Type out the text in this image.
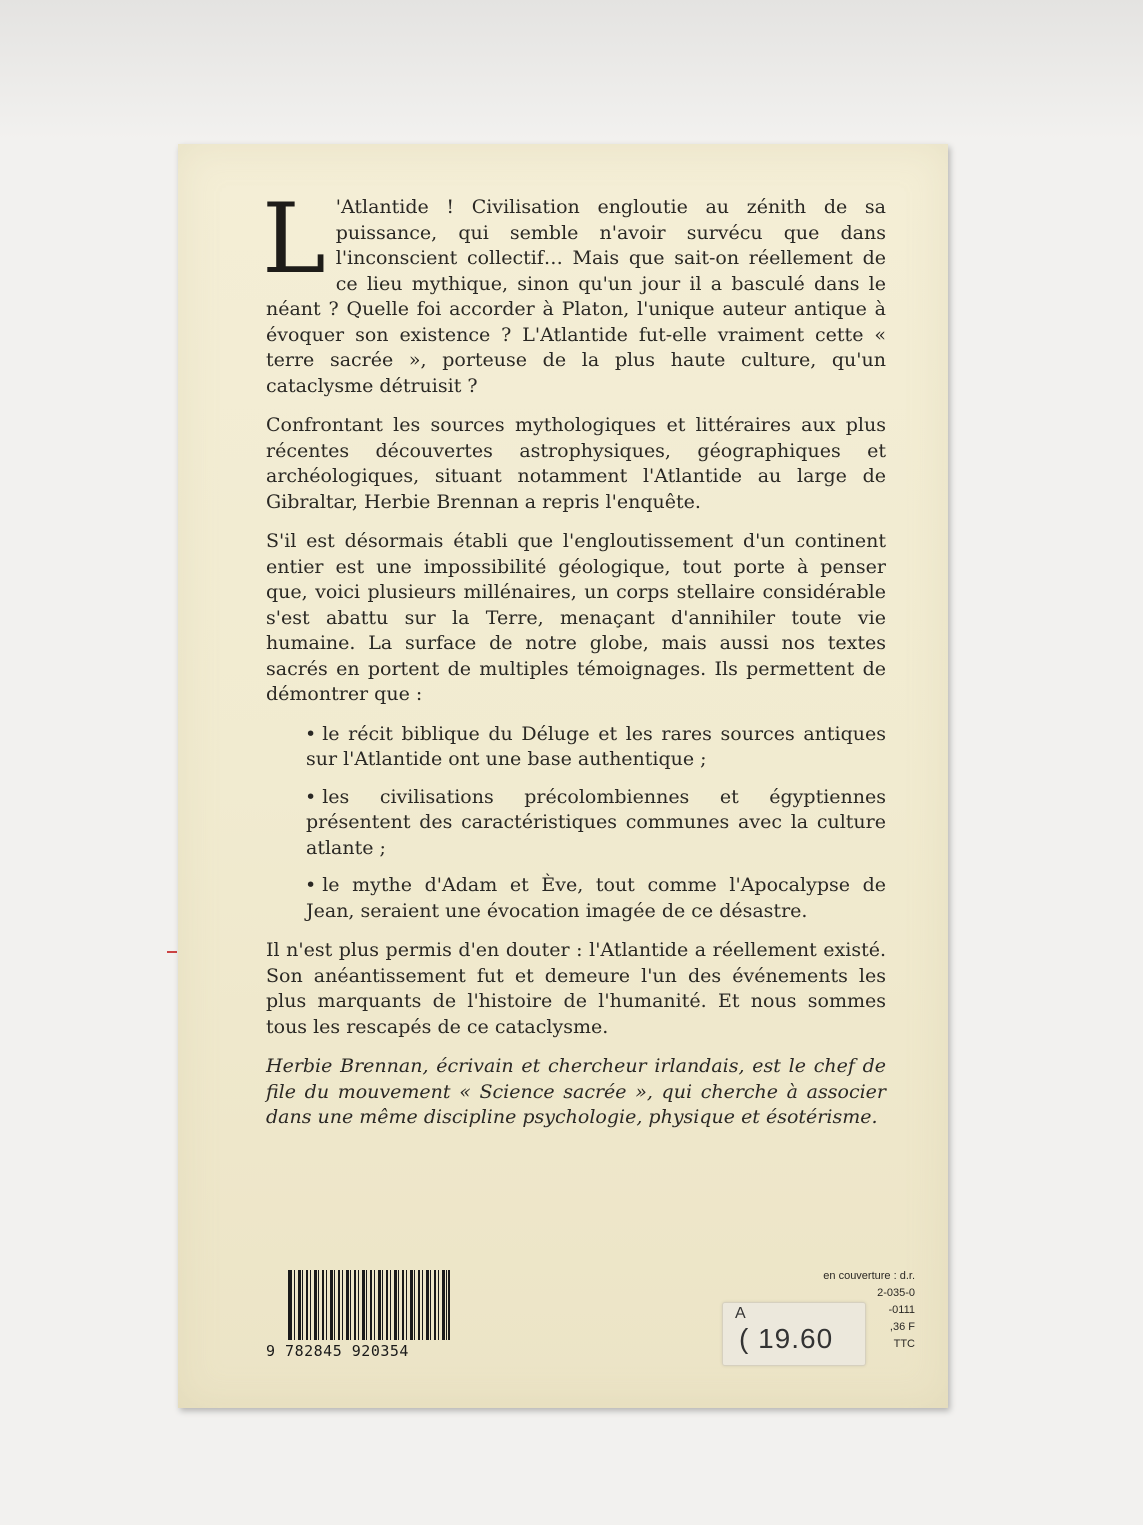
L 'Atlantide ! Civilisation engloutie au zénith de sa puissance, qui semble n'avoir survécu que dans l'inconscient collectif… Mais que sait-on réellement de ce lieu mythique, sinon qu'un jour il a basculé dans le néant ? Quelle foi accorder à Platon, l'unique auteur antique à évoquer son existence ? L'Atlantide fut-elle vraiment cette « terre sacrée », porteuse de la plus haute culture, qu'un cataclysme détruisit ?

Confrontant les sources mythologiques et littéraires aux plus récentes découvertes astrophysiques, géographiques et archéologiques, situant notamment l'Atlantide au large de Gibraltar, Herbie Brennan a repris l'enquête.

S'il est désormais établi que l'engloutissement d'un continent entier est une impossibilité géologique, tout porte à penser que, voici plusieurs millénaires, un corps stellaire considérable s'est abattu sur la Terre, menaçant d'annihiler toute vie humaine. La surface de notre globe, mais aussi nos textes sacrés en portent de multiples témoignages. Ils permettent de démontrer que :

• le récit biblique du Déluge et les rares sources antiques sur l'Atlantide ont une base authentique ;
• les civilisations précolombiennes et égyptiennes présentent des caractéristiques communes avec la culture atlante ;
• le mythe d'Adam et Ève, tout comme l'Apocalypse de Jean, seraient une évocation imagée de ce désastre.

Il n'est plus permis d'en douter : l'Atlantide a réellement existé. Son anéantissement fut et demeure l'un des événements les plus marquants de l'histoire de l'humanité. Et nous sommes tous les rescapés de ce cataclysme.

Herbie Brennan, écrivain et chercheur irlandais, est le chef de file du mouvement « Science sacrée », qui cherche à associer dans une même discipline psychologie, physique et ésotérisme.

9 782845 920354
en couverture : d.r.
2-035-0
-0111
,36 F
TTC
A
( 19.60
